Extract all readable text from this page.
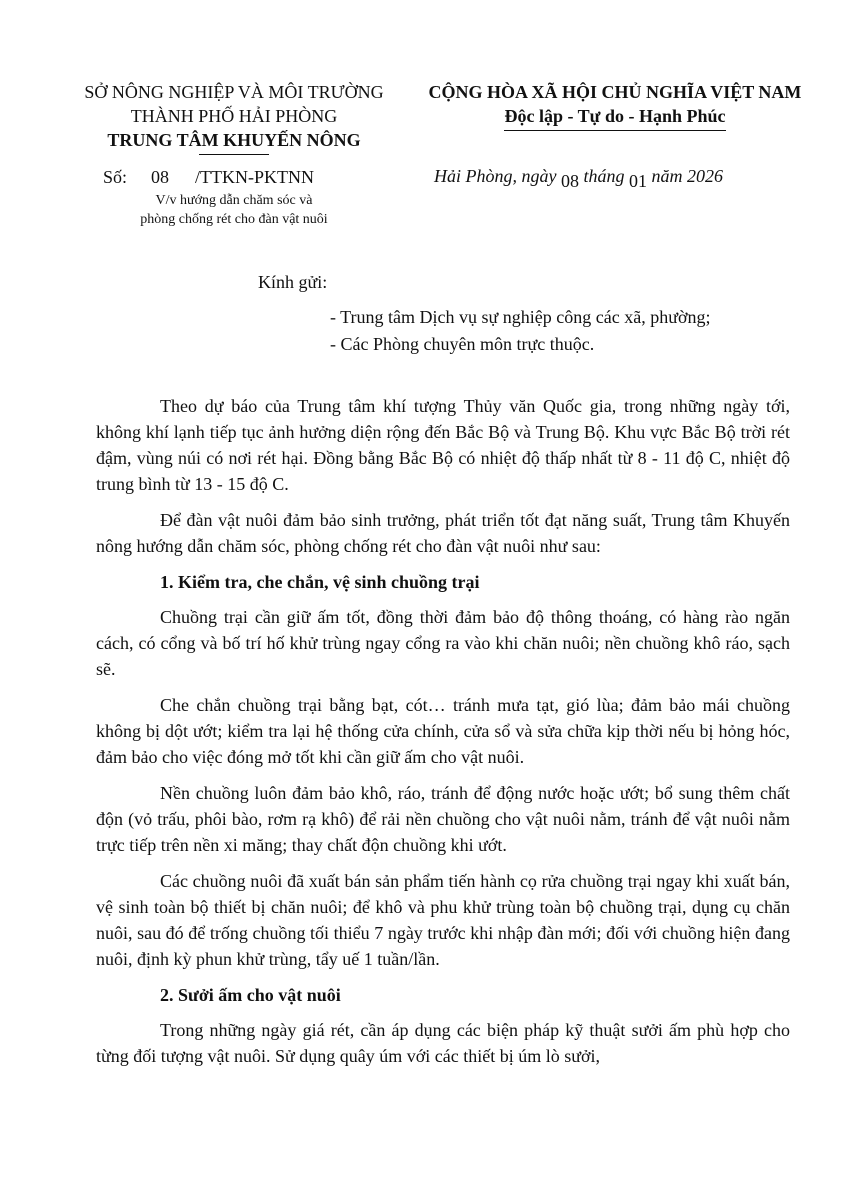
SỞ NÔNG NGHIỆP VÀ MÔI TRƯỜNG
THÀNH PHỐ HẢI PHÒNG
TRUNG TÂM KHUYẾN NÔNG
CỘNG HÒA XÃ HỘI CHỦ NGHĨA VIỆT NAM
Độc lập - Tự do - Hạnh Phúc
Số: 08 /TTKN-PKTNN
V/v hướng dẫn chăm sóc và
phòng chống rét cho đàn vật nuôi
Hải Phòng, ngày 08 tháng 01 năm 2026
Kính gửi:
- Trung tâm Dịch vụ sự nghiệp công các xã, phường;
- Các Phòng chuyên môn trực thuộc.

Theo dự báo của Trung tâm khí tượng Thủy văn Quốc gia, trong những ngày tới, không khí lạnh tiếp tục ảnh hưởng diện rộng đến Bắc Bộ và Trung Bộ. Khu vực Bắc Bộ trời rét đậm, vùng núi có nơi rét hại. Đồng bằng Bắc Bộ có nhiệt độ thấp nhất từ 8 - 11 độ C, nhiệt độ trung bình từ 13 - 15 độ C.

Để đàn vật nuôi đảm bảo sinh trưởng, phát triển tốt đạt năng suất, Trung tâm Khuyến nông hướng dẫn chăm sóc, phòng chống rét cho đàn vật nuôi như sau:

1. Kiểm tra, che chắn, vệ sinh chuồng trại

Chuồng trại cần giữ ấm tốt, đồng thời đảm bảo độ thông thoáng, có hàng rào ngăn cách, có cổng và bố trí hố khử trùng ngay cổng ra vào khi chăn nuôi; nền chuồng khô ráo, sạch sẽ.

Che chắn chuồng trại bằng bạt, cót… tránh mưa tạt, gió lùa; đảm bảo mái chuồng không bị dột ướt; kiểm tra lại hệ thống cửa chính, cửa sổ và sửa chữa kịp thời nếu bị hỏng hóc, đảm bảo cho việc đóng mở tốt khi cần giữ ấm cho vật nuôi.

Nền chuồng luôn đảm bảo khô, ráo, tránh để động nước hoặc ướt; bổ sung thêm chất độn (vỏ trấu, phôi bào, rơm rạ khô) để rải nền chuồng cho vật nuôi nằm, tránh để vật nuôi nằm trực tiếp trên nền xi măng; thay chất độn chuồng khi ướt.

Các chuồng nuôi đã xuất bán sản phẩm tiến hành cọ rửa chuồng trại ngay khi xuất bán, vệ sinh toàn bộ thiết bị chăn nuôi; để khô và phu khử trùng toàn bộ chuồng trại, dụng cụ chăn nuôi, sau đó để trống chuồng tối thiểu 7 ngày trước khi nhập đàn mới; đối với chuồng hiện đang nuôi, định kỳ phun khử trùng, tẩy uế 1 tuần/lần.

2. Sưởi ấm cho vật nuôi

Trong những ngày giá rét, cần áp dụng các biện pháp kỹ thuật sưởi ấm phù hợp cho từng đối tượng vật nuôi. Sử dụng quây úm với các thiết bị úm lò sưởi,
